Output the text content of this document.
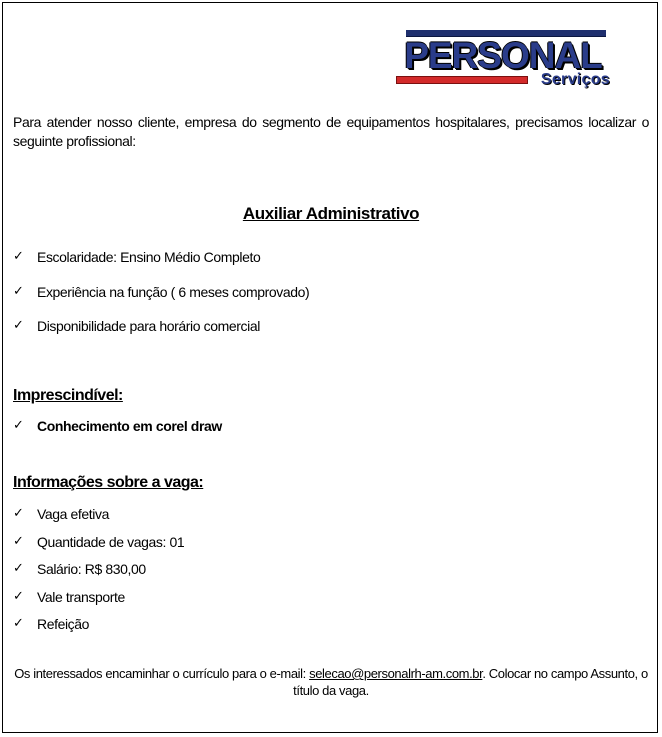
PERSONAL
Serviços

Para atender nosso cliente, empresa do segmento de equipamentos hospitalares, precisamos localizar o seguinte profissional:

Auxiliar Administrativo
✓ Escolaridade: Ensino Médio Completo
✓ Experiência na função ( 6 meses comprovado)
✓ Disponibilidade para horário comercial
Imprescindível:
✓ Conhecimento em corel draw
Informações sobre a vaga:
✓ Vaga efetiva
✓ Quantidade de vagas: 01
✓ Salário: R$ 830,00
✓ Vale transporte
✓ Refeição

Os interessados encaminhar o currículo para o e-mail: selecao@personalrh-am.com.br. Colocar no campo Assunto, o título da vaga.
